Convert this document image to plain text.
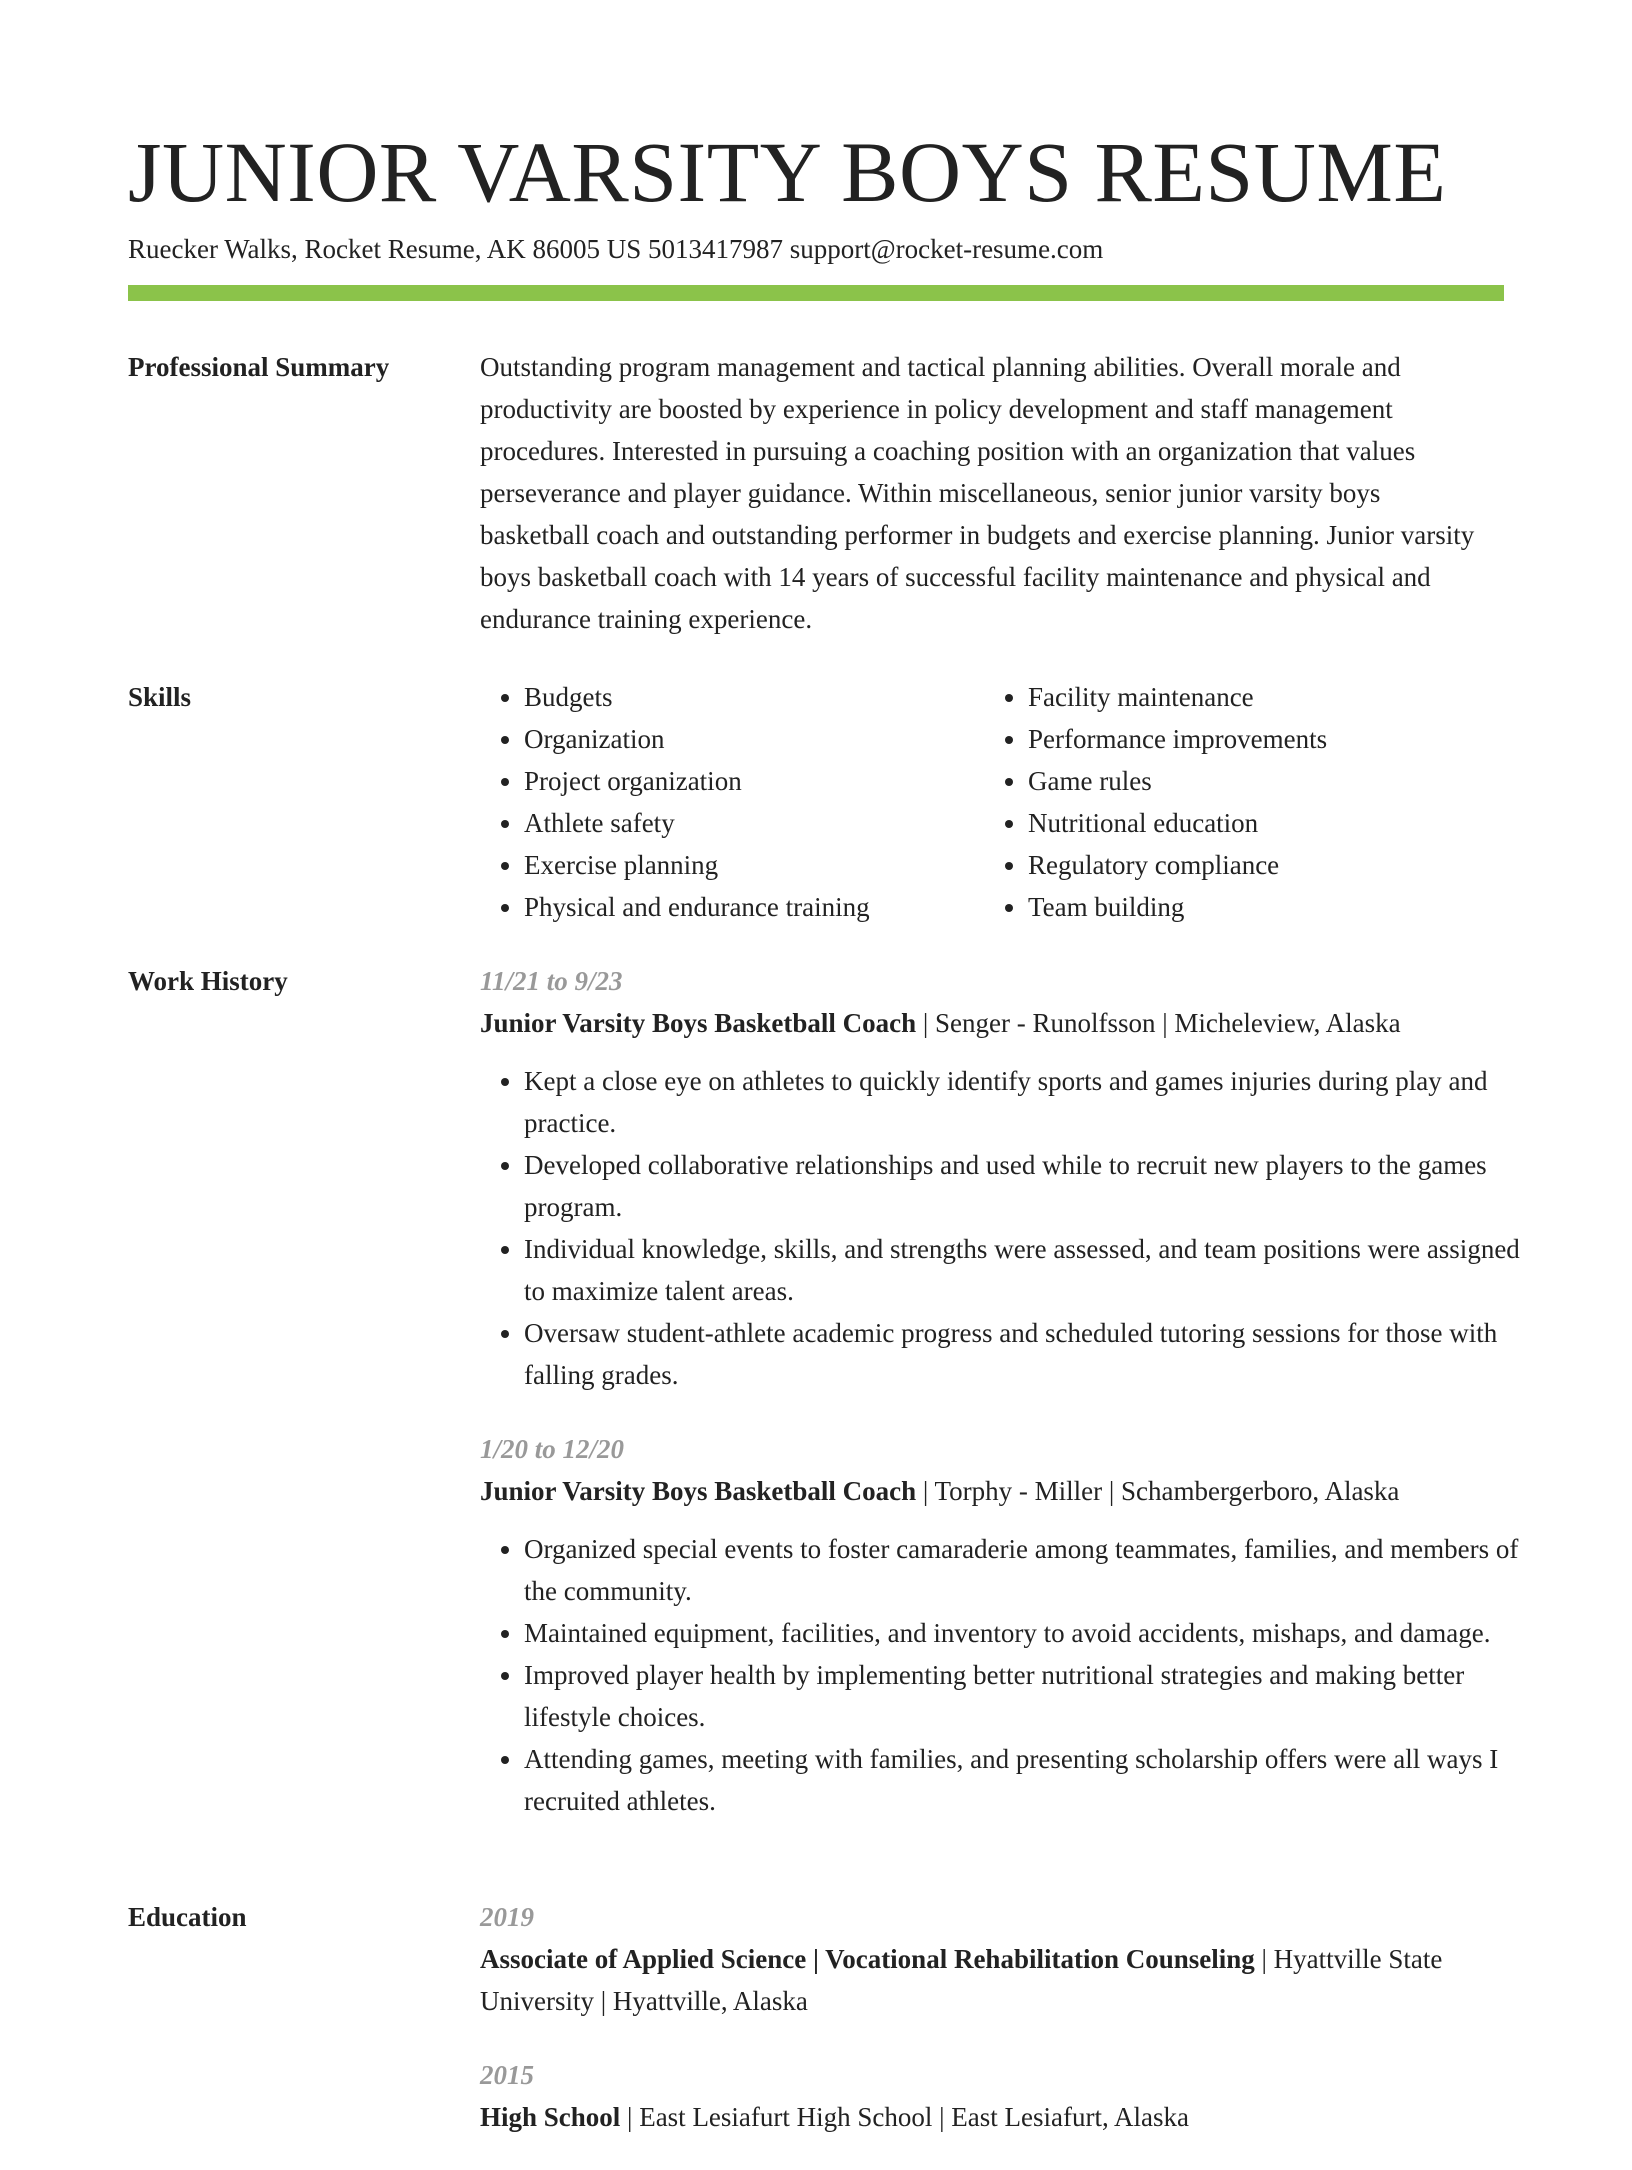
JUNIOR VARSITY BOYS RESUME
Ruecker Walks, Rocket Resume, AK 86005 US 5013417987 support@rocket-resume.com
Professional Summary	Outstanding program management and tactical planning abilities. Overall morale and productivity are boosted by experience in policy development and staff management procedures. Interested in pursuing a coaching position with an organization that values perseverance and player guidance. Within miscellaneous, senior junior varsity boys basketball coach and outstanding performer in budgets and exercise planning. Junior varsity boys basketball coach with 14 years of successful facility maintenance and physical and endurance training experience.

Skills
•	Budgets
• Organization
• Project organization
• Athlete safety
• Exercise planning
• Physical and endurance training
• Facility maintenance
• Performance improvements
• Game rules
• Nutritional education
• Regulatory compliance
• Team building
Work History	11/21 to 9/23
Junior Varsity Boys Basketball Coach | Senger - Runolfsson | Micheleview, Alaska
• Kept a close eye on athletes to quickly identify sports and games injuries during play and practice.
• Developed collaborative relationships and used while to recruit new players to the games program.
• Individual knowledge, skills, and strengths were assessed, and team positions were assigned to maximize talent areas.
• Oversaw student-athlete academic progress and scheduled tutoring sessions for those with falling grades.
1/20 to 12/20
Junior Varsity Boys Basketball Coach | Torphy - Miller | Schambergerboro, Alaska
• Organized special events to foster camaraderie among teammates, families, and members of the community.
• Maintained equipment, facilities, and inventory to avoid accidents, mishaps, and damage.
• Improved player health by implementing better nutritional strategies and making better lifestyle choices.
• Attending games, meeting with families, and presenting scholarship offers were all ways I recruited athletes.
Education	2019
Associate of Applied Science | Vocational Rehabilitation Counseling | Hyattville State University | Hyattville, Alaska
2015
High School | East Lesiafurt High School | East Lesiafurt, Alaska
